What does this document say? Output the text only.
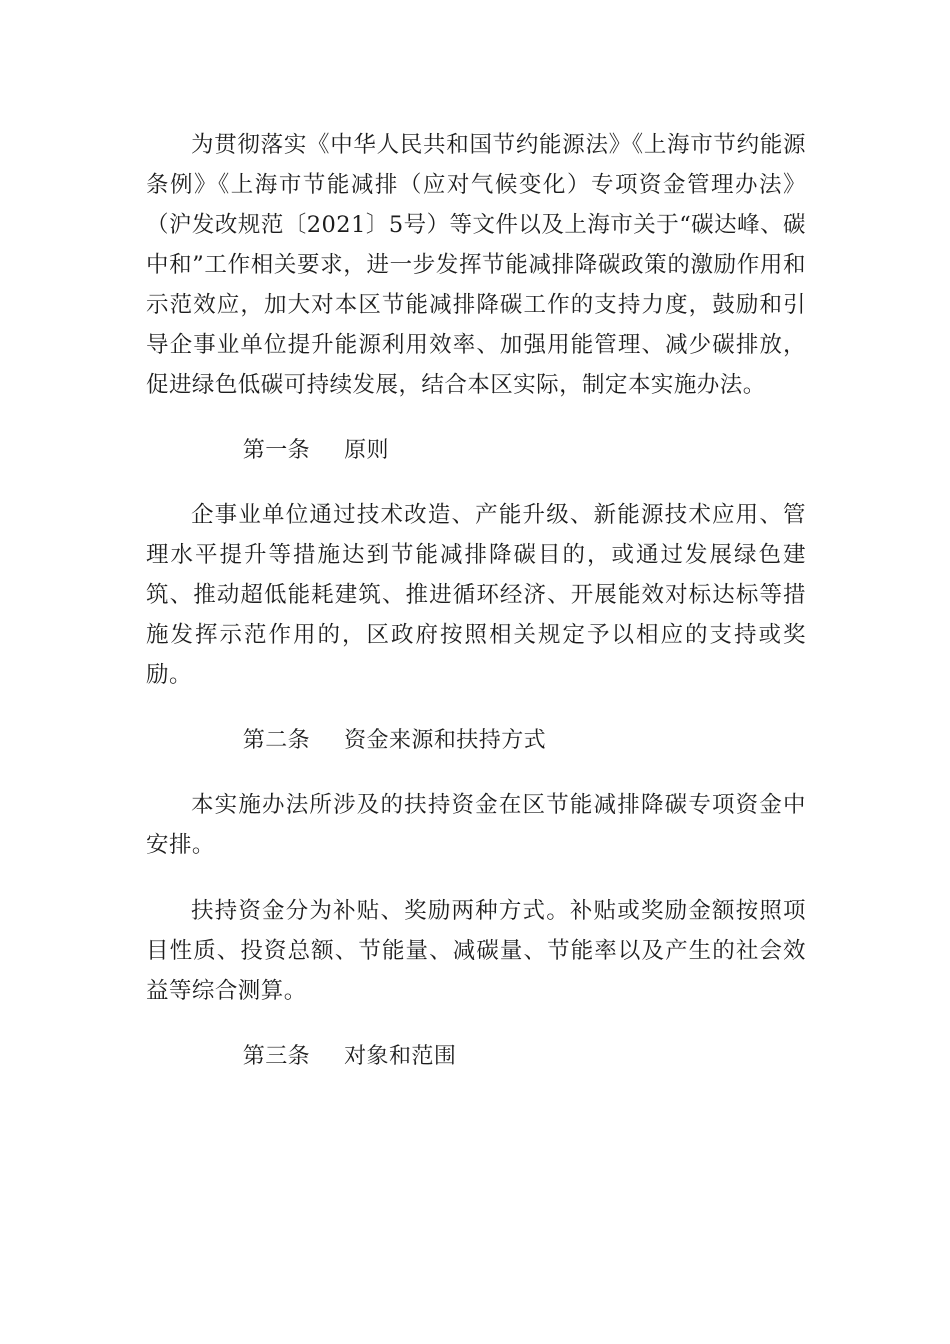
为贯彻落实《中华人民共和国节约能源法》《上海市节约能源条例》《上海市节能减排（应对气候变化）专项资金管理办法》（沪发改规范〔2021〕5号）等文件以及上海市关于“碳达峰、碳中和”工作相关要求，进一步发挥节能减排降碳政策的激励作用和示范效应，加大对本区节能减排降碳工作的支持力度，鼓励和引导企事业单位提升能源利用效率、加强用能管理、减少碳排放，促进绿色低碳可持续发展，结合本区实际，制定本实施办法。

第一条 原则

企事业单位通过技术改造、产能升级、新能源技术应用、管理水平提升等措施达到节能减排降碳目的，或通过发展绿色建筑、推动超低能耗建筑、推进循环经济、开展能效对标达标等措施发挥示范作用的，区政府按照相关规定予以相应的支持或奖励。

第二条 资金来源和扶持方式

本实施办法所涉及的扶持资金在区节能减排降碳专项资金中安排。

扶持资金分为补贴、奖励两种方式。补贴或奖励金额按照项目性质、投资总额、节能量、减碳量、节能率以及产生的社会效益等综合测算。

第三条 对象和范围
